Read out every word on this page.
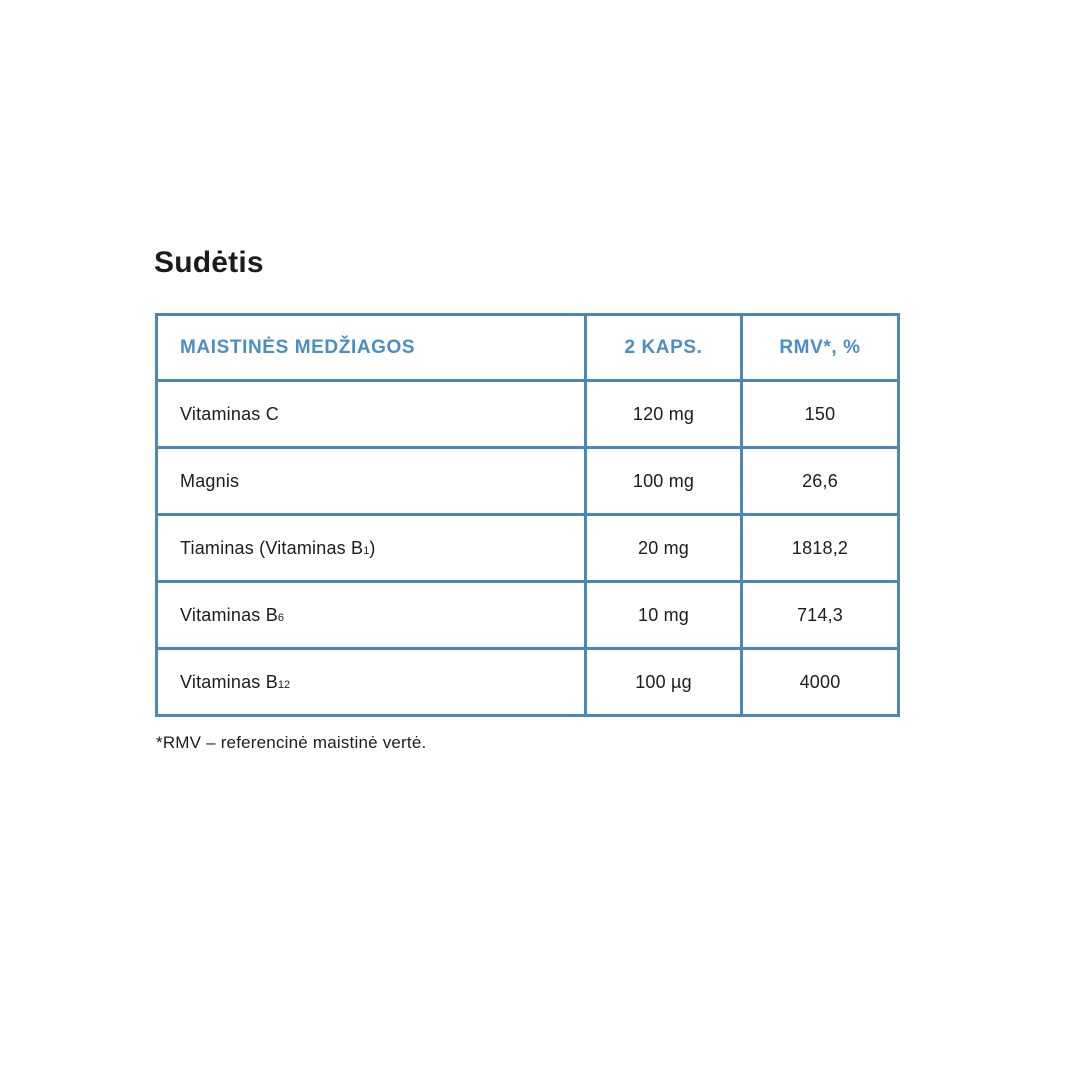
Sudėtis
MAISTINĖS MEDŽIAGOS	2 KAPS.	RMV*, %
Vitaminas C	120 mg	150
Magnis	100 mg	26,6
Tiaminas (Vitaminas B1)	20 mg	1818,2
Vitaminas B6	10 mg	714,3
Vitaminas B12	100 µg	4000

*RMV – referencinė maistinė vertė.
